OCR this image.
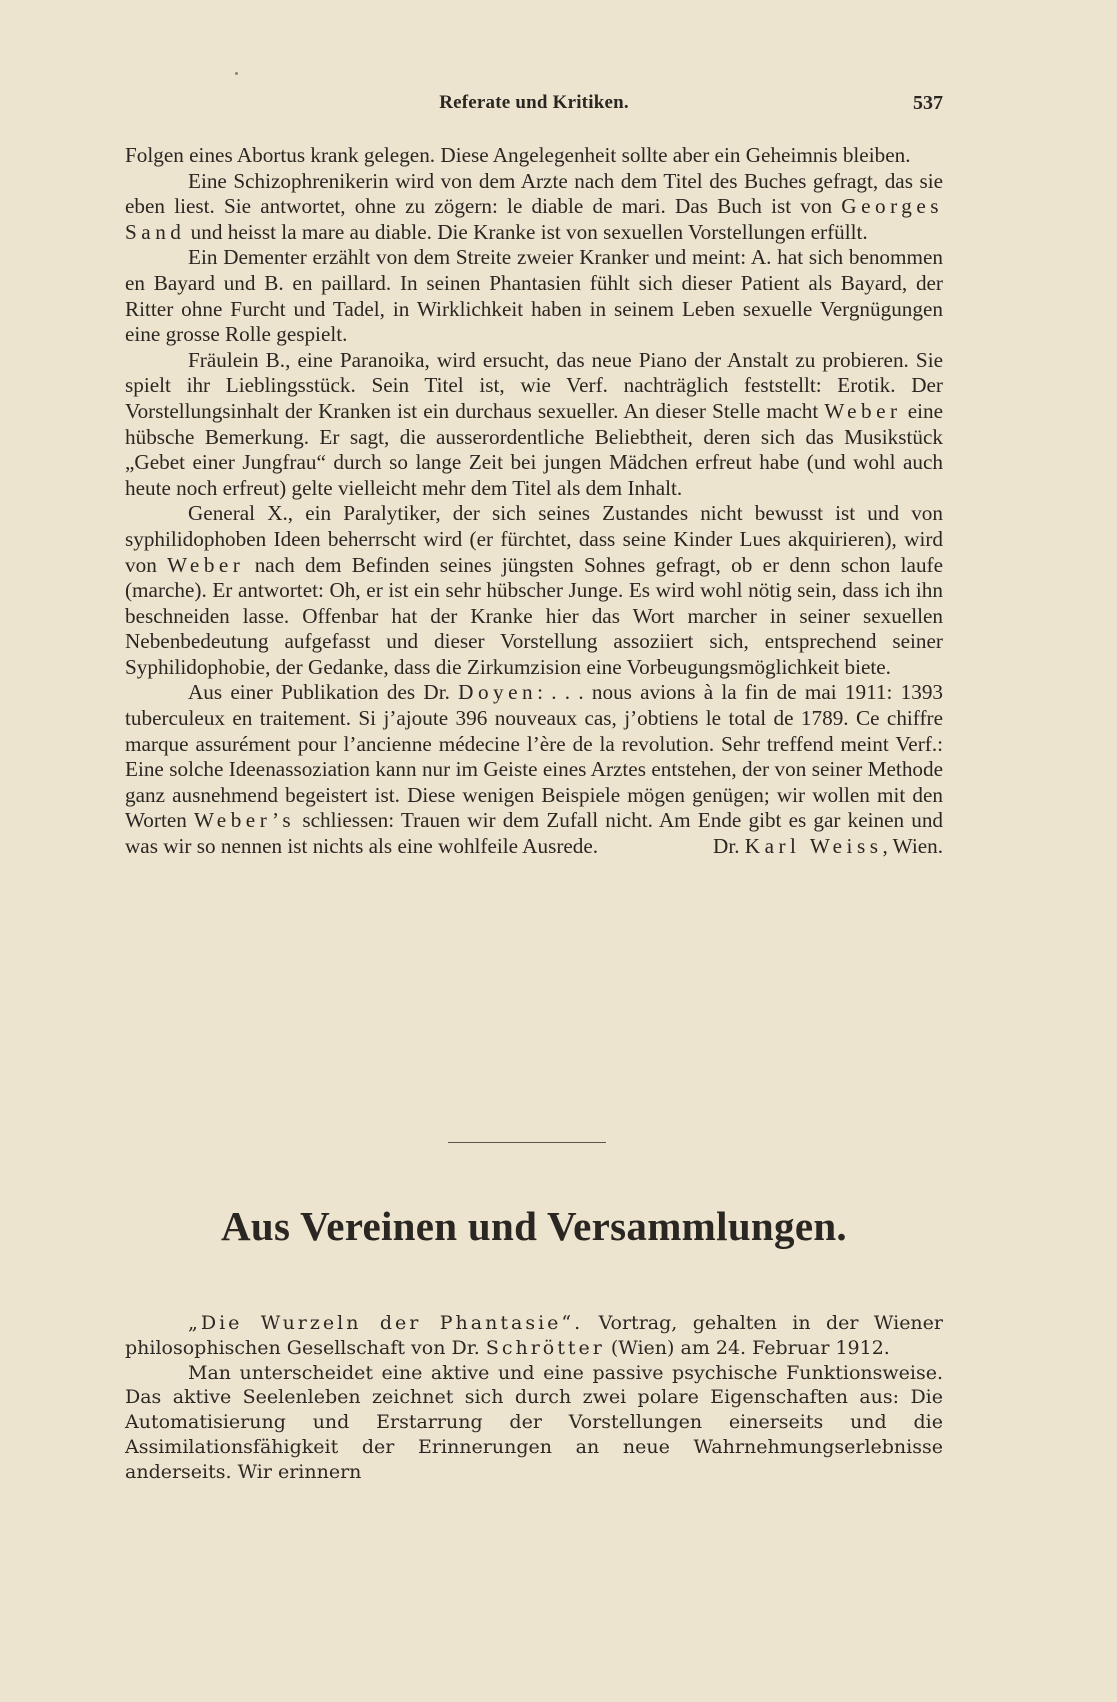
Referate und Kritiken.	537

Folgen eines Abortus krank gelegen. Diese Angelegenheit sollte aber ein Geheimnis bleiben.

Eine Schizophrenikerin wird von dem Arzte nach dem Titel des Buches gefragt, das sie eben liest. Sie antwortet, ohne zu zögern: le diable de mari. Das Buch ist von Georges Sand und heisst la mare au diable. Die Kranke ist von sexuellen Vorstellungen erfüllt.

Ein Dementer erzählt von dem Streite zweier Kranker und meint: A. hat sich benommen en Bayard und B. en paillard. In seinen Phantasien fühlt sich dieser Patient als Bayard, der Ritter ohne Furcht und Tadel, in Wirklichkeit haben in seinem Leben sexuelle Vergnügungen eine grosse Rolle gespielt.

Fräulein B., eine Paranoika, wird ersucht, das neue Piano der Anstalt zu probieren. Sie spielt ihr Lieblingsstück. Sein Titel ist, wie Verf. nachträglich feststellt: Erotik. Der Vorstellungsinhalt der Kranken ist ein durchaus sexueller. An dieser Stelle macht Weber eine hübsche Bemerkung. Er sagt, die ausserordentliche Beliebtheit, deren sich das Musikstück „Gebet einer Jungfrau“ durch so lange Zeit bei jungen Mädchen erfreut habe (und wohl auch heute noch erfreut) gelte vielleicht mehr dem Titel als dem Inhalt.

General X., ein Paralytiker, der sich seines Zustandes nicht bewusst ist und von syphilidophoben Ideen beherrscht wird (er fürchtet, dass seine Kinder Lues akquirieren), wird von Weber nach dem Befinden seines jüngsten Sohnes gefragt, ob er denn schon laufe (marche). Er antwortet: Oh, er ist ein sehr hübscher Junge. Es wird wohl nötig sein, dass ich ihn beschneiden lasse. Offenbar hat der Kranke hier das Wort marcher in seiner sexuellen Nebenbedeutung aufgefasst und dieser Vorstellung assoziiert sich, entsprechend seiner Syphilidophobie, der Gedanke, dass die Zirkumzision eine Vorbeugungsmöglichkeit biete.

Aus einer Publikation des Dr. Doyen: . . . nous avions à la fin de mai 1911: 1393 tuberculeux en traitement. Si j’ajoute 396 nouveaux cas, j’obtiens le total de 1789. Ce chiffre marque assurément pour l’ancienne médecine l’ère de la revolution. Sehr treffend meint Verf.: Eine solche Ideenassoziation kann nur im Geiste eines Arztes entstehen, der von seiner Methode ganz ausnehmend begeistert ist. Diese wenigen Beispiele mögen genügen; wir wollen mit den Worten Weber’s schliessen: Trauen wir dem Zufall nicht. Am Ende gibt es gar keinen und was wir so nennen ist nichts als eine wohlfeile Ausrede.	Dr. Karl Weiss, Wien.

Aus Vereinen und Versammlungen.

„Die Wurzeln der Phantasie“. Vortrag, gehalten in der Wiener philosophischen Gesellschaft von Dr. Schrötter (Wien) am 24. Februar 1912.

Man unterscheidet eine aktive und eine passive psychische Funktionsweise. Das aktive Seelenleben zeichnet sich durch zwei polare Eigenschaften aus: Die Automatisierung und Erstarrung der Vorstellungen einerseits und die Assimilationsfähigkeit der Erinnerungen an neue Wahrnehmungserlebnisse anderseits. Wir erinnern
